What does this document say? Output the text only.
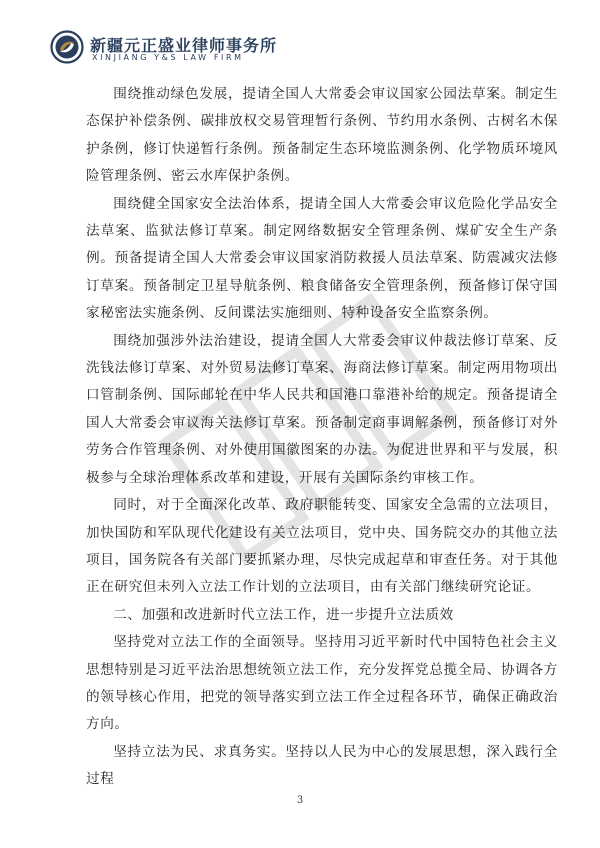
新疆元正盛业律师事务所
XINJIANG Y&S LAW FIRM

围绕推动绿色发展，提请全国人大常委会审议国家公园法草案。制定生态保护补偿条例、碳排放权交易管理暂行条例、节约用水条例、古树名木保护条例，修订快递暂行条例。预备制定生态环境监测条例、化学物质环境风险管理条例、密云水库保护条例。

围绕健全国家安全法治体系，提请全国人大常委会审议危险化学品安全法草案、监狱法修订草案。制定网络数据安全管理条例、煤矿安全生产条例。预备提请全国人大常委会审议国家消防救援人员法草案、防震减灾法修订草案。预备制定卫星导航条例、粮食储备安全管理条例，预备修订保守国家秘密法实施条例、反间谍法实施细则、特种设备安全监察条例。

围绕加强涉外法治建设，提请全国人大常委会审议仲裁法修订草案、反洗钱法修订草案、对外贸易法修订草案、海商法修订草案。制定两用物项出口管制条例、国际邮轮在中华人民共和国港口靠港补给的规定。预备提请全国人大常委会审议海关法修订草案。预备制定商事调解条例，预备修订对外劳务合作管理条例、对外使用国徽图案的办法。为促进世界和平与发展，积极参与全球治理体系改革和建设，开展有关国际条约审核工作。

同时，对于全面深化改革、政府职能转变、国家安全急需的立法项目，加快国防和军队现代化建设有关立法项目，党中央、国务院交办的其他立法项目，国务院各有关部门要抓紧办理，尽快完成起草和审查任务。对于其他正在研究但未列入立法工作计划的立法项目，由有关部门继续研究论证。

二、加强和改进新时代立法工作，进一步提升立法质效

坚持党对立法工作的全面领导。坚持用习近平新时代中国特色社会主义思想特别是习近平法治思想统领立法工作，充分发挥党总揽全局、协调各方的领导核心作用，把党的领导落实到立法工作全过程各环节，确保正确政治方向。

坚持立法为民、求真务实。坚持以人民为中心的发展思想，深入践行全过程

3
